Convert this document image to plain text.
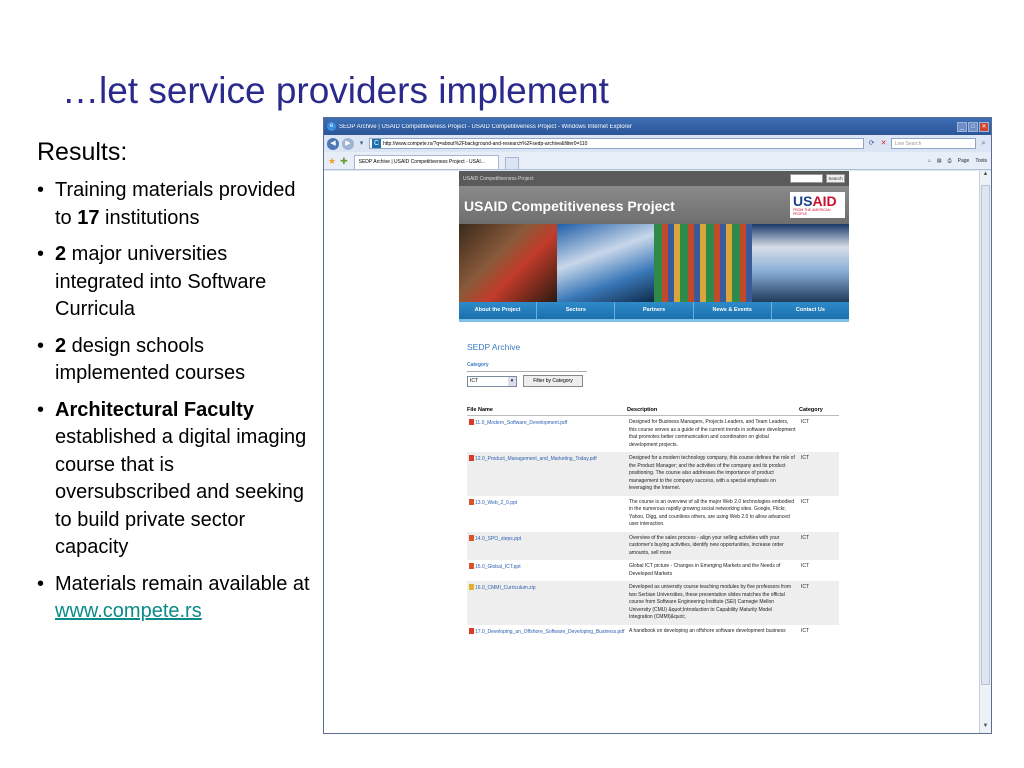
…let service providers implement
Results:
• Training materials provided to 17 institutions
• 2 major universities integrated into Software Curricula
• 2 design schools implemented courses
• Architectural Faculty established a digital imaging course that is oversubscribed and seeking to build private sector capacity
• Materials remain available at
www.compete.rs
e SEDP Archive | USAID Competitiveness Project - USAID Competitiveness Project - Windows Internet Explorer	_	□	✕
◀	▶	▾	C http://www.compete.rs/?q=about%2Fbackground-and-research%2Fsedp-archive&filter0=110	⟳ ✕	Live Search	⌕
★ ✚	SEDP Archive | USAID Competitiveness Project - USAI...	⌂ ▤ ⎙ Page Tools
USAID Competitiveness Project	Search
USAID Competitiveness Project	USAID
FROM THE AMERICAN PEOPLE
About the Project	Sectors	Partners	News & Events	Contact Us
SEDP Archive
Category
ICT	▾	Filter by Category
File Name	Description	Category
11.0_Modern_Software_Development.pdf	Designed for Business Managers, Projects Leaders, and Team Leaders, this course serves as a guide of the current trends in software development that promotes better communication and coordination on global development projects.	ICT
12.0_Product_Management_and_Marketing_Today.pdf	Designed for a modern technology company, this course defines the role of the Product Manager; and the activities of the company and its product positioning. The course also addresses the importance of product management to the company success, with a special emphasis on leveraging the Internet.	ICT
13.0_Web_2_0.ppt	The course is an overview of all the major Web 2.0 technologies embodied in the numerous rapidly growing social networking sites. Google, Flickr, Yahoo, Digg, and countless others, are using Web 2.0 to allow advanced user interaction.	ICT
14.0_SPO_steps.ppt	Overview of the sales process - align your selling activities with your customer's buying activities, identify new opportunities, increase order amounts, sell more	ICT
15.0_Global_ICT.ppt	Global ICT picture - Changes in Emerging Markets and the Needs of Developed Markets	ICT
16.0_CMMI_Curriculum.zip	Developed as university course teaching modules by five professors from two Serbian Universities, these presentation slides matches the official course from Software Engineering Institute (SEI) Carnegie Mellon University (CMU) &quot;Introduction to Capability Maturity Model Integration (CMMI)&quot;.	ICT
17.0_Developing_an_Offshore_Software_Developing_Business.pdf	A handbook on developing an offshore software development business	ICT
▲
▼
